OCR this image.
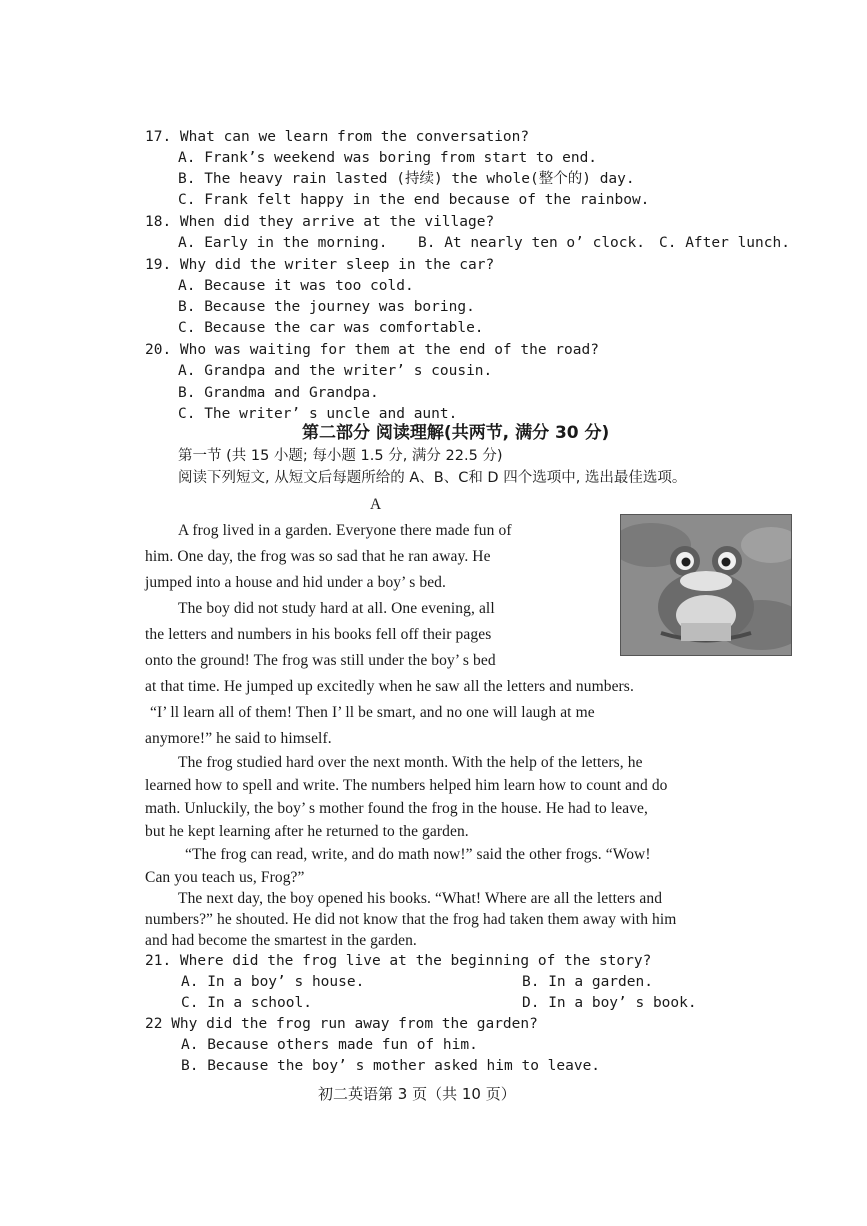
17. What can we learn from the conversation?
A. Frank’s weekend was boring from start to end.
B. The heavy rain lasted (持续) the whole(整个的) day.
C. Frank felt happy in the end because of the rainbow.
18. When did they arrive at the village?
A. Early in the morning. B. At nearly ten o’ clock. C. After lunch.
19. Why did the writer sleep in the car?
A. Because it was too cold.
B. Because the journey was boring.
C. Because the car was comfortable.
20. Who was waiting for them at the end of the road?
A. Grandpa and the writer’ s cousin.
B. Grandma and Grandpa.
C. The writer’ s uncle and aunt.
第二部分 阅读理解(共两节, 满分 30 分)
第一节 (共 15 小题; 每小题 1.5 分, 满分 22.5 分)
阅读下列短文, 从短文后每题所给的 A、B、C和 D 四个选项中, 选出最佳选项。
A
A frog lived in a garden. Everyone there made fun of
him. One day, the frog was so sad that he ran away. He
jumped into a house and hid under a boy’ s bed.
The boy did not study hard at all. One evening, all
the letters and numbers in his books fell off their pages
onto the ground! The frog was still under the boy’ s bed
at that time. He jumped up excitedly when he saw all the letters and numbers.
“I’ ll learn all of them! Then I’ ll be smart, and no one will laugh at me
anymore!” he said to himself.
The frog studied hard over the next month. With the help of the letters, he
learned how to spell and write. The numbers helped him learn how to count and do
math. Unluckily, the boy’ s mother found the frog in the house. He had to leave,
but he kept learning after he returned to the garden.
“The frog can read, write, and do math now!” said the other frogs. “Wow!
Can you teach us, Frog?”
The next day, the boy opened his books. “What! Where are all the letters and
numbers?” he shouted. He did not know that the frog had taken them away with him
and had become the smartest in the garden.
21. Where did the frog live at the beginning of the story?
A. In a boy’ s house.	B. In a garden.
C. In a school.	D. In a boy’ s book.
22 Why did the frog run away from the garden?
A. Because others made fun of him.
B. Because the boy’ s mother asked him to leave.
初二英语第 3 页（共 10 页）
